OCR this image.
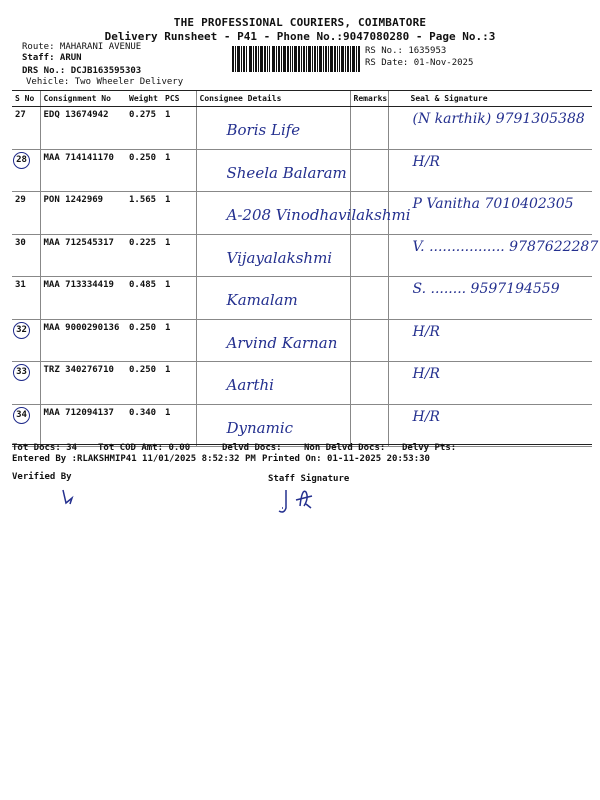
THE PROFESSIONAL COURIERS, COIMBATORE
Delivery Runsheet - P41 - Phone No.:9047080280 - Page No.:3
Route: MAHARANI AVENUE
Staff: ARUN
DRS No.: DCJB163595303
Vehicle: Two Wheeler Delivery
RS No.: 1635953
RS Date: 01-Nov-2025
S No	Consignment No	Weight	PCS	Consignee Details	Remarks	Seal & Signature
27	EDQ 13674942	0.275	1	Boris Life		(N karthik) 9791305388

28	MAA 714141170	0.250	1	Sheela Balaram		H/R

29	PON 1242969	1.565	1	A-208 Vinodhavilakshmi		P Vanitha 7010402305

30	MAA 712545317	0.225	1	Vijayalakshmi		V. ................. 9787622287

31	MAA 713334419	0.485	1	Kamalam		S. ........ 9597194559

32	MAA 9000290136	0.250	1	Arvind Karnan		H/R

33	TRZ 340276710	0.250	1	Aarthi		H/R

34	MAA 712094137	0.340	1	Dynamic		H/R
Tot Docs: 34 Tot COD Amt: 0.00	Delvd Docs: Non Delvd Docs: Delvy Pts:
Entered By :RLAKSHMIP41 11/01/2025 8:52:32 PM Printed On: 01-11-2025 20:53:30
Verified By	Staff Signature
